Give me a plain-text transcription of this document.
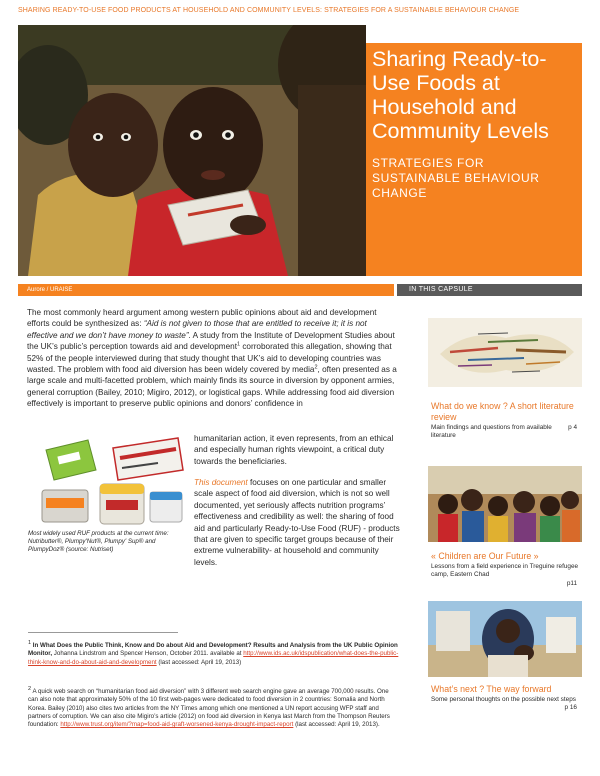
SHARING READY-TO-USE FOOD PRODUCTS AT HOUSEHOLD AND COMMUNITY LEVELS: STRATEGIES FOR A SUSTAINABLE BEHAVIOUR CHANGE
Sharing Ready-to-Use Foods at Household and Community Levels
STRATEGIES FOR SUSTAINABLE BEHAVIOUR CHANGE
Aurore / URAISE	IN THIS CAPSULE
The most commonly heard argument among western public opinions about aid and development efforts could be synthesized as: “Aid is not given to those that are entitled to receive it; it is not effective and we don’t have money to waste”. A study from the Institute of Development Studies about the UK’s public’s perception towards aid and development$^1$ corroborated this allegation, showing that 52% of the people interviewed during that study thought that UK’s aid to developing countries was wasted. The problem with food aid diversion has been widely covered by media$^2$, often presented as a large scale and multi-facetted problem, which mainly finds its source in diversion by opponent armies, general corruption (Bailey, 2010; Migiro, 2012), or logistical gaps. While addressing food aid diversion effectively is important to preserve public opinions and donors’ confidence in
Most widely used RUF products at the current time: Nutributter®, Plumpy'Nut®, Plumpy' Sup® and PlumpyDoz® (source: Nutriset)
humanitarian action, it even represents, from an ethical and especially human rights viewpoint, a critical duty towards the beneficiaries.
This document focuses on one particular and smaller scale aspect of food aid diversion, which is not so well documented, yet seriously affects nutrition programs’ effectiveness and credibility as well: the sharing of food aid and particularly Ready-to-Use Food (RUF) - products that are given to specific target groups because of their extreme vulnerability- at household and community levels.
$^1$ In What Does the Public Think, Know and Do about Aid and Development? Results and Analysis from the UK Public Opinion Monitor, Johanna Lindstrom and Spencer Henson, October 2011. available at http://www.ids.ac.uk/idspublication/what-does-the-public-think-know-and-do-about-aid-and-development (last accessed: April 19, 2013)
$^2$ A quick web search on “humanitarian food aid diversion” with 3 different web search engine gave an average 700,000 results. One can also note that approximately 50% of the 10 first web-pages were dedicated to food diversion in 2 countries: Somalia and North Korea. Bailey (2010) also cites two articles from the NY Times among which one mentioned a UN report accusing WFP staff and partners of corruption. We can also cite Migiro’s article (2012) on food aid diversion in Kenya last March from the Thompson Reuters foundation: http://www.trust.org/item/?map=food-aid-graft-worsened-kenya-drought-impact-report (last accessed: April 19, 2013).
What do we know ? A short literature review
p 4
Main findings and questions from available literature
« Children are Our Future »
Lessons from a field experience in Treguine refugee camp, Eastern Chad

p11
What’s next ? The way forward
Some personal thoughts on the possible next steps
p 16
